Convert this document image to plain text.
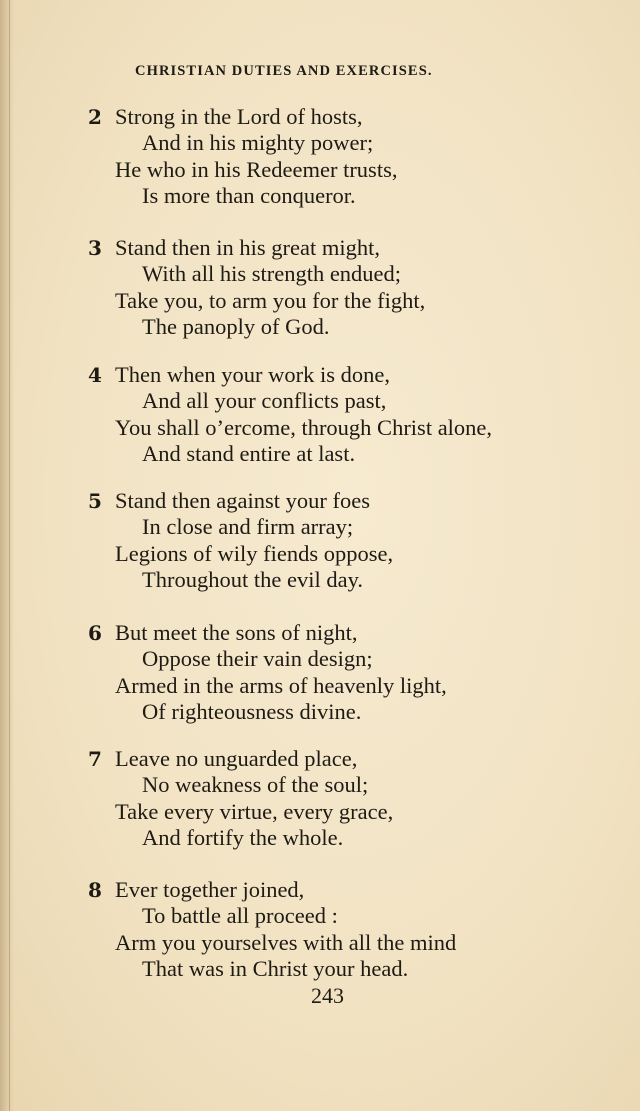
CHRISTIAN DUTIES AND EXERCISES.
2 Strong in the Lord of hosts,
And in his mighty power;
He who in his Redeemer trusts,
Is more than conqueror.
3 Stand then in his great might,
With all his strength endued;
Take you, to arm you for the fight,
The panoply of God.
4 Then when your work is done,
And all your conflicts past,
You shall o’ercome, through Christ alone,
And stand entire at last.
5 Stand then against your foes
In close and firm array;
Legions of wily fiends oppose,
Throughout the evil day.
6 But meet the sons of night,
Oppose their vain design;
Armed in the arms of heavenly light,
Of righteousness divine.
7 Leave no unguarded place,
No weakness of the soul;
Take every virtue, every grace,
And fortify the whole.
8 Ever together joined,
To battle all proceed :
Arm you yourselves with all the mind
That was in Christ your head.
243
